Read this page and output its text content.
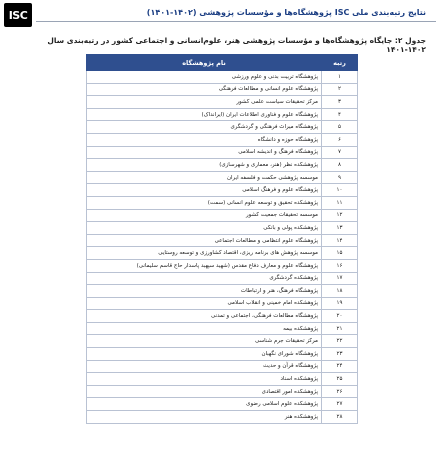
ISC	نتایج رتبه‌بندی ملی ISC پژوهشگاه‌ها و مؤسسات پژوهشی (۱۴۰۲-۱۴۰۱)
جدول ۲: جایگاه پژوهشگاه‌ها و مؤسسات پژوهشی هنر، علوم‌انسانی و اجتماعی کشور در رتبه‌بندی سال ۱۴۰۲-۱۴۰۱
رتبه	نام پژوهشگاه
۱	پژوهشگاه تربیت بدنی و علوم ورزشی
۲	پژوهشگاه علوم انسانی و مطالعات فرهنگی
۳	مرکز تحقیقات سیاست علمی کشور
۴	پژوهشگاه علوم و فناوری اطلاعات ایران (ایرانداک)
۵	پژوهشگاه میراث فرهنگی و گردشگری
۶	پژوهشگاه حوزه و دانشگاه
۷	پژوهشگاه فرهنگ و اندیشه اسلامی
۸	پژوهشکده نظر (هنر، معماری و شهرسازی)
۹	موسسه پژوهشی حکمت و فلسفه ایران
۱۰	پژوهشگاه علوم و فرهنگ اسلامی
۱۱	پژوهشکده تحقیق و توسعه علوم انسانی (سمت)
۱۲	موسسه تحقیقات جمعیت کشور
۱۳	پژوهشکده پولی و بانکی
۱۴	پژوهشگاه علوم انتظامی و مطالعات اجتماعی
۱۵	موسسه پژوهش های برنامه ریزی، اقتصاد کشاورزی و توسعه روستایی
۱۶	پژوهشگاه علوم و معارف دفاع مقدس (شهید سپهبد پاسدار حاج قاسم سلیمانی)
۱۷	پژوهشکده گردشگری
۱۸	پژوهشگاه فرهنگ، هنر و ارتباطات
۱۹	پژوهشکده امام خمینی و انقلاب اسلامی
۲۰	پژوهشگاه مطالعات فرهنگی، اجتماعی و تمدنی
۲۱	پژوهشکده بیمه
۲۲	مرکز تحقیقات جرم شناسی
۲۳	پژوهشگاه شورای نگهبان
۲۴	پژوهشگاه قرآن و حدیث
۲۵	پژوهشکده اسناد
۲۶	پژوهشکده امور اقتصادی
۲۷	پژوهشکده علوم اسلامی رضوی
۲۸	پژوهشکده هنر
